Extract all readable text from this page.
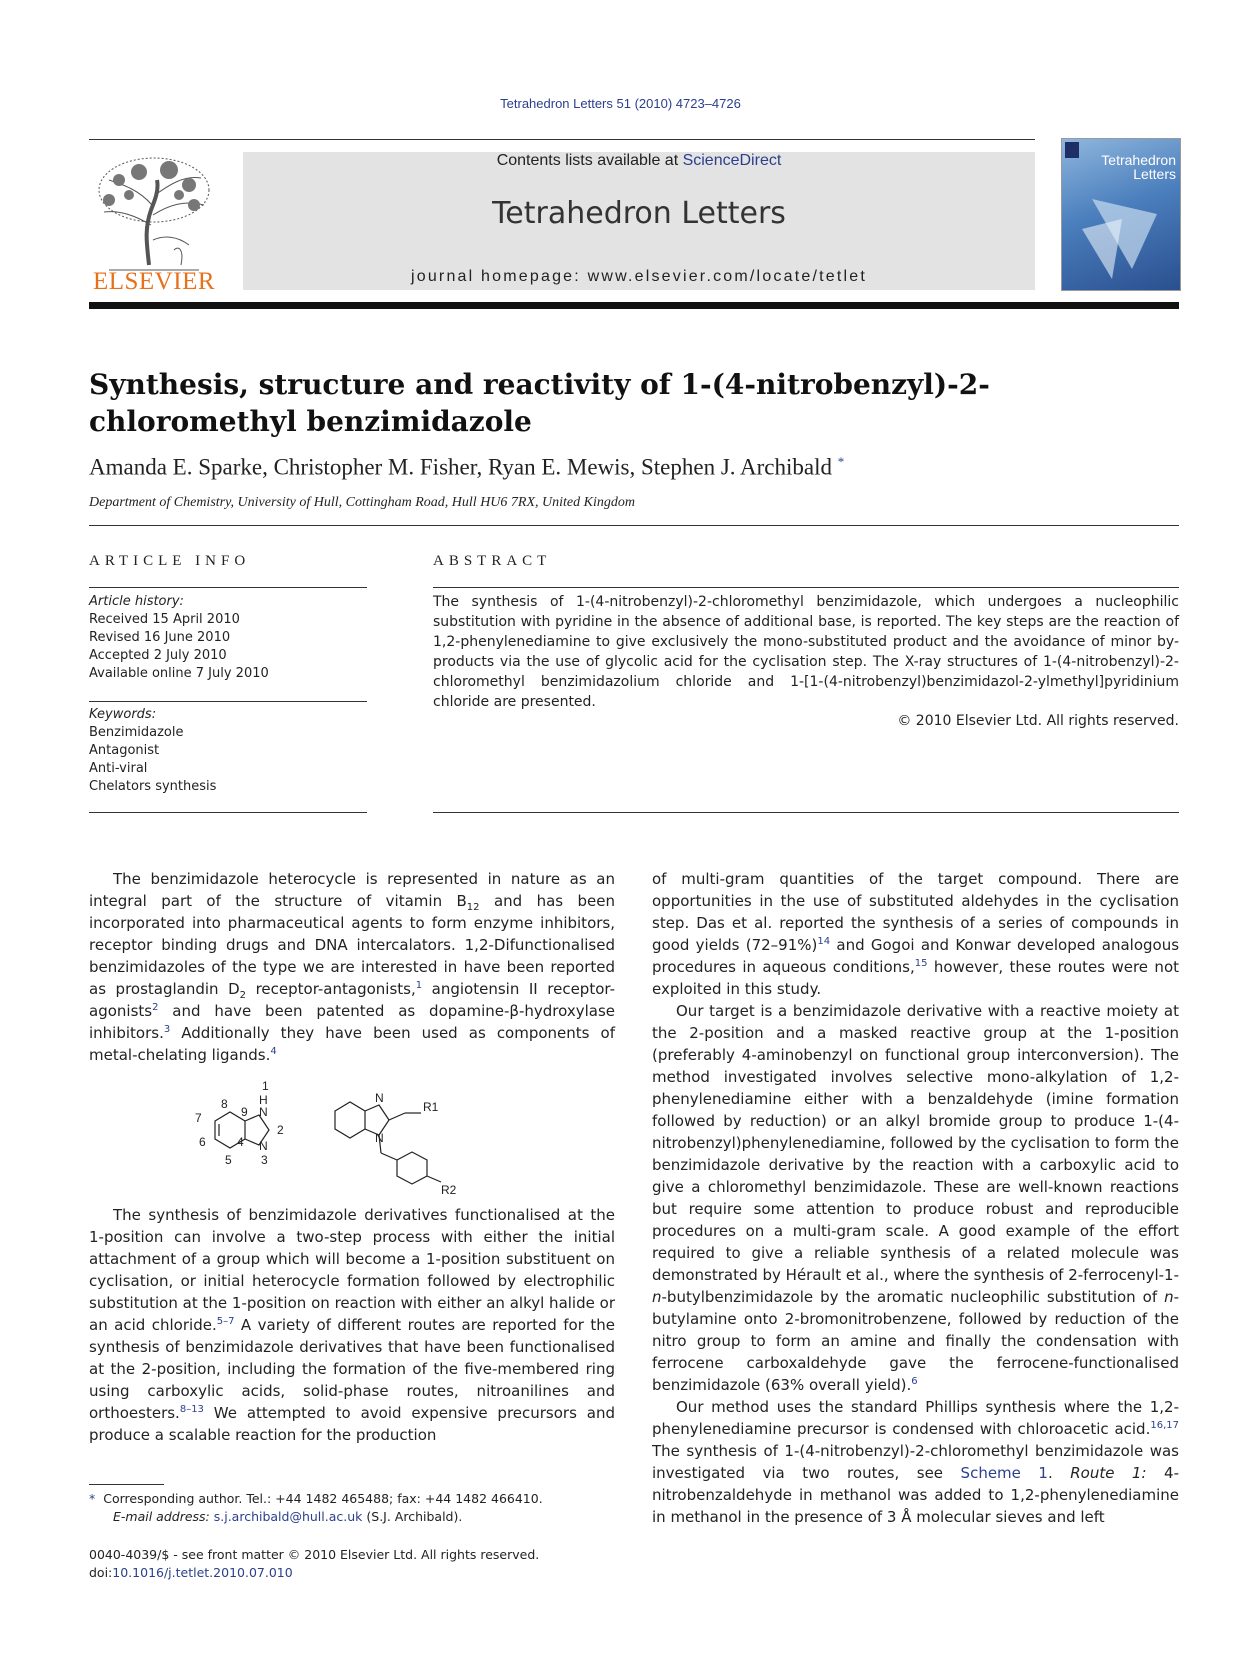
Tetrahedron Letters 51 (2010) 4723–4726
ELSEVIER
Contents lists available at ScienceDirect
Tetrahedron Letters
journal homepage: www.elsevier.com/locate/tetlet
Tetrahedron
Letters
Synthesis, structure and reactivity of 1-(4-nitrobenzyl)-2-chloromethyl benzimidazole
Amanda E. Sparke, Christopher M. Fisher, Ryan E. Mewis, Stephen J. Archibald *
Department of Chemistry, University of Hull, Cottingham Road, Hull HU6 7RX, United Kingdom
ARTICLE INFO
Article history:
Received 15 April 2010
Revised 16 June 2010
Accepted 2 July 2010
Available online 7 July 2010
Keywords:
Benzimidazole
Antagonist
Anti-viral
Chelators synthesis
ABSTRACT
The synthesis of 1-(4-nitrobenzyl)-2-chloromethyl benzimidazole, which undergoes a nucleophilic substitution with pyridine in the absence of additional base, is reported. The key steps are the reaction of 1,2-phenylenediamine to give exclusively the mono-substituted product and the avoidance of minor by-products via the use of glycolic acid for the cyclisation step. The X-ray structures of 1-(4-nitrobenzyl)-2-chloromethyl benzimidazolium chloride and 1-[1-(4-nitrobenzyl)benzimidazol-2-ylmethyl]pyridinium chloride are presented.
© 2010 Elsevier Ltd. All rights reserved.

The benzimidazole heterocycle is represented in nature as an integral part of the structure of vitamin $B_{12}$ and has been incorporated into pharmaceutical agents to form enzyme inhibitors, receptor binding drugs and DNA intercalators. 1,2-Difunctionalised benzimidazoles of the type we are interested in have been reported as prostaglandin $D_2$ receptor-antagonists,$^1$ angiotensin II receptor-agonists$^2$ and have been patented as dopamine-β-hydroxylase inhibitors.$^3$ Additionally they have been used as components of metal-chelating ligands.$^4$

1
H
N
2
N
3
4
5
6
7
8
9
N
N
R1
R2

The synthesis of benzimidazole derivatives functionalised at the 1-position can involve a two-step process with either the initial attachment of a group which will become a 1-position substituent on cyclisation, or initial heterocycle formation followed by electrophilic substitution at the 1-position on reaction with either an alkyl halide or an acid chloride.$^{5-7}$ A variety of different routes are reported for the synthesis of benzimidazole derivatives that have been functionalised at the 2-position, including the formation of the five-membered ring using carboxylic acids, solid-phase routes, nitroanilines and orthoesters.$^{8-13}$ We attempted to avoid expensive precursors and produce a scalable reaction for the production

of multi-gram quantities of the target compound. There are opportunities in the use of substituted aldehydes in the cyclisation step. Das et al. reported the synthesis of a series of compounds in good yields $(72-91\%)^{14}$ and Gogoi and Konwar developed analogous procedures in aqueous conditions,$^{15}$ however, these routes were not exploited in this study.

Our target is a benzimidazole derivative with a reactive moiety at the 2-position and a masked reactive group at the 1-position (preferably 4-aminobenzyl on functional group interconversion). The method investigated involves selective mono-alkylation of 1,2-phenylenediamine either with a benzaldehyde (imine formation followed by reduction) or an alkyl bromide group to produce 1-(4-nitrobenzyl)phenylenediamine, followed by the cyclisation to form the benzimidazole derivative by the reaction with a carboxylic acid to give a chloromethyl benzimidazole. These are well-known reactions but require some attention to produce robust and reproducible procedures on a multi-gram scale. A good example of the effort required to give a reliable synthesis of a related molecule was demonstrated by Hérault et al., where the synthesis of 2-ferrocenyl-1-n-butylbenzimidazole by the aromatic nucleophilic substitution of n-butylamine onto 2-bromonitrobenzene, followed by reduction of the nitro group to form an amine and finally the condensation with ferrocene carboxaldehyde gave the ferrocene-functionalised benzimidazole (63% overall yield).$^6$

Our method uses the standard Phillips synthesis where the 1,2-phenylenediamine precursor is condensed with chloroacetic acid.$^{16,17}$ The synthesis of 1-(4-nitrobenzyl)-2-chloromethyl benzimidazole was investigated via two routes, see Scheme 1. Route 1: 4-nitrobenzaldehyde in methanol was added to 1,2-phenylenediamine in methanol in the presence of 3 Å molecular sieves and left

* Corresponding author. Tel.: +44 1482 465488; fax: +44 1482 466410.
E-mail address: s.j.archibald@hull.ac.uk (S.J. Archibald).
0040-4039/$ - see front matter © 2010 Elsevier Ltd. All rights reserved.
doi:10.1016/j.tetlet.2010.07.010
